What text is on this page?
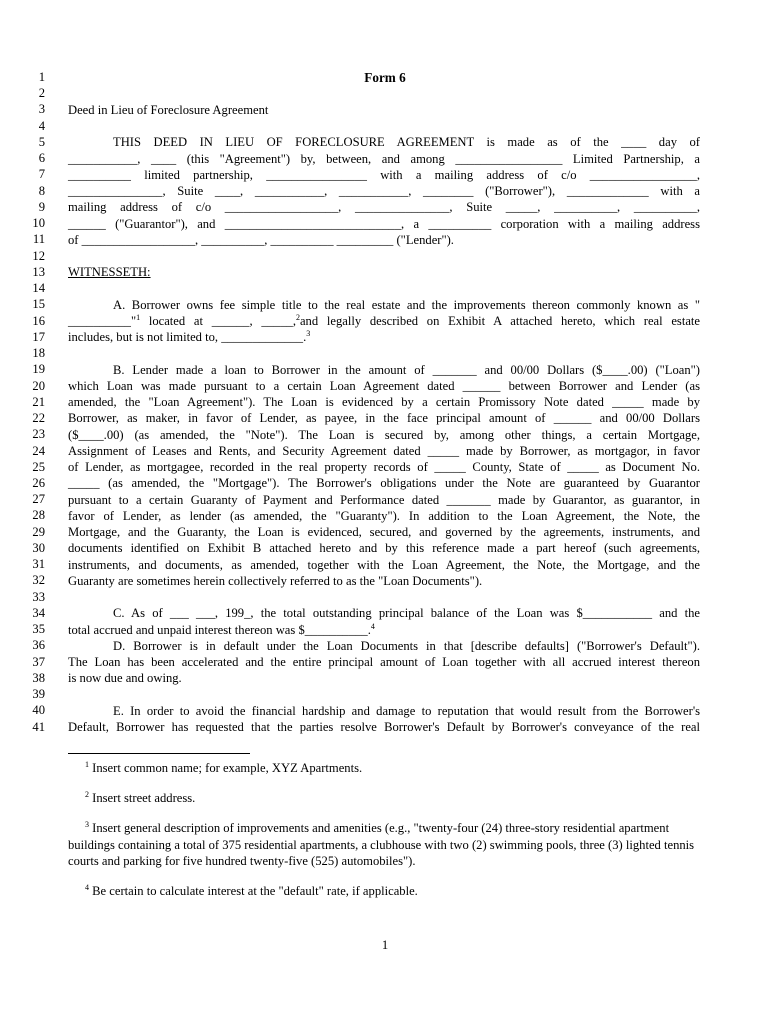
1
2
3
4
5
6
7
8
9
10
11
12
13
14
15
16
17
18
19
20
21
22
23
24
25
26
27
28
29
30
31
32
33
34
35
36
37
38
39
40
41
Form 6

Deed in Lieu of Foreclosure Agreement

THIS DEED IN LIEU OF FORECLOSURE AGREEMENT is made as of the ____ day of

___________, ____ (this "Agreement") by, between, and among _________________ Limited Partnership, a

__________ limited partnership, ________________ with a mailing address of c/o _________________,

_______________, Suite ____, ___________, ___________, ________ ("Borrower"), _____________ with a

mailing address of c/o __________________, _______________, Suite _____, __________, __________,

______ ("Guarantor"), and ____________________________, a __________ corporation with a mailing address

of __________________, __________, __________ _________ ("Lender").

WITNESSETH:

A. Borrower owns fee simple title to the real estate and the improvements thereon commonly known as "

__________"$^1$ located at ______, _____,$^2$and legally described on Exhibit A attached hereto, which real estate

includes, but is not limited to, _____________.$^3$

B. Lender made a loan to Borrower in the amount of _______ and 00/00 Dollars ($____.00) ("Loan")

which Loan was made pursuant to a certain Loan Agreement dated ______ between Borrower and Lender (as

amended, the "Loan Agreement"). The Loan is evidenced by a certain Promissory Note dated _____ made by

Borrower, as maker, in favor of Lender, as payee, in the face principal amount of ______ and 00/00 Dollars

($____.00) (as amended, the "Note"). The Loan is secured by, among other things, a certain Mortgage,

Assignment of Leases and Rents, and Security Agreement dated _____ made by Borrower, as mortgagor, in favor

of Lender, as mortgagee, recorded in the real property records of _____ County, State of _____ as Document No.

_____ (as amended, the "Mortgage"). The Borrower's obligations under the Note are guaranteed by Guarantor

pursuant to a certain Guaranty of Payment and Performance dated _______ made by Guarantor, as guarantor, in

favor of Lender, as lender (as amended, the "Guaranty"). In addition to the Loan Agreement, the Note, the

Mortgage, and the Guaranty, the Loan is evidenced, secured, and governed by the agreements, instruments, and

documents identified on Exhibit B attached hereto and by this reference made a part hereof (such agreements,

instruments, and documents, as amended, together with the Loan Agreement, the Note, the Mortgage, and the

Guaranty are sometimes herein collectively referred to as the "Loan Documents").

C. As of ___ ___, 199_, the total outstanding principal balance of the Loan was $___________ and the

total accrued and unpaid interest thereon was $__________.$^4$

D. Borrower is in default under the Loan Documents in that [describe defaults] ("Borrower's Default").

The Loan has been accelerated and the entire principal amount of Loan together with all accrued interest thereon

is now due and owing.

E. In order to avoid the financial hardship and damage to reputation that would result from the Borrower's

Default, Borrower has requested that the parties resolve Borrower's Default by Borrower's conveyance of the real

$^1$ Insert common name; for example, XYZ Apartments.

$^2$ Insert street address.

$^3$ Insert general description of improvements and amenities (e.g., "twenty-four (24) three-story residential apartment buildings containing a total of 375 residential apartments, a clubhouse with two (2) swimming pools, three (3) lighted tennis courts and parking for five hundred twenty-five (525) automobiles").

$^4$ Be certain to calculate interest at the "default" rate, if applicable.

1
